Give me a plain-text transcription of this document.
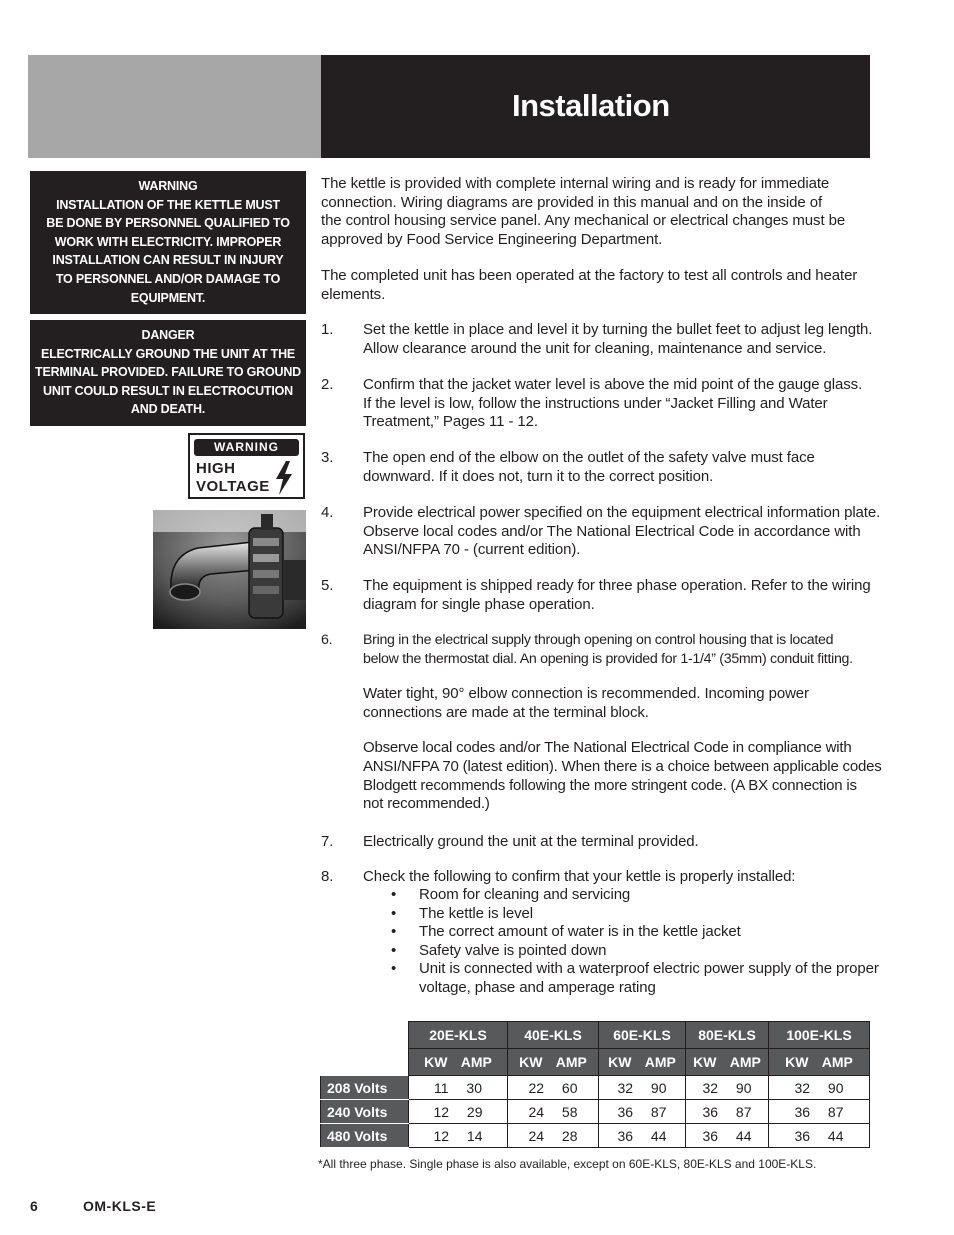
Installation
WARNING
INSTALLATION OF THE KETTLE MUST
BE DONE BY PERSONNEL QUALIFIED TO
WORK WITH ELECTRICITY. IMPROPER
INSTALLATION CAN RESULT IN INJURY
TO PERSONNEL AND/OR DAMAGE TO
EQUIPMENT.
DANGER
ELECTRICALLY GROUND THE UNIT AT THE
TERMINAL PROVIDED. FAILURE TO GROUND
UNIT COULD RESULT IN ELECTROCUTION
AND DEATH.
WARNING
HIGH
VOLTAGE
The kettle is provided with complete internal wiring and is ready for immediate
connection. Wiring diagrams are provided in this manual and on the inside of
the control housing service panel. Any mechanical or electrical changes must be
approved by Food Service Engineering Department.
The completed unit has been operated at the factory to test all controls and heater
elements.
1. Set the kettle in place and level it by turning the bullet feet to adjust leg length.
Allow clearance around the unit for cleaning, maintenance and service.
2. Confirm that the jacket water level is above the mid point of the gauge glass.
If the level is low, follow the instructions under “Jacket Filling and Water
Treatment,” Pages 11 - 12.
3. The open end of the elbow on the outlet of the safety valve must face
downward. If it does not, turn it to the correct position.
4. Provide electrical power specified on the equipment electrical information plate.
Observe local codes and/or The National Electrical Code in accordance with
ANSI/NFPA 70 - (current edition).
5. The equipment is shipped ready for three phase operation. Refer to the wiring
diagram for single phase operation.
6. Bring in the electrical supply through opening on control housing that is located
below the thermostat dial. An opening is provided for 1-1/4” (35mm) conduit fitting.
Water tight, 90° elbow connection is recommended. Incoming power
connections are made at the terminal block.
Observe local codes and/or The National Electrical Code in compliance with
ANSI/NFPA 70 (latest edition). When there is a choice between applicable codes
Blodgett recommends following the more stringent code. (A BX connection is
not recommended.)
7. Electrically ground the unit at the terminal provided.
8. Check the following to confirm that your kettle is properly installed:
• Room for cleaning and servicing
• The kettle is level
• The correct amount of water is in the kettle jacket
• Safety valve is pointed down
• Unit is connected with a waterproof electric power supply of the proper
voltage, phase and amperage rating
	20E-KLS	40E-KLS	60E-KLS	80E-KLS	100E-KLS
	KW AMP	KW AMP	KW AMP	KW AMP	KW AMP
208 Volts	11 30	22 60	32 90	32 90	32 90
240 Volts	12 29	24 58	36 87	36 87	36 87
480 Volts	12 14	24 28	36 44	36 44	36 44
*All three phase. Single phase is also available, except on 60E-KLS, 80E-KLS and 100E-KLS.
6	OM-KLS-E
